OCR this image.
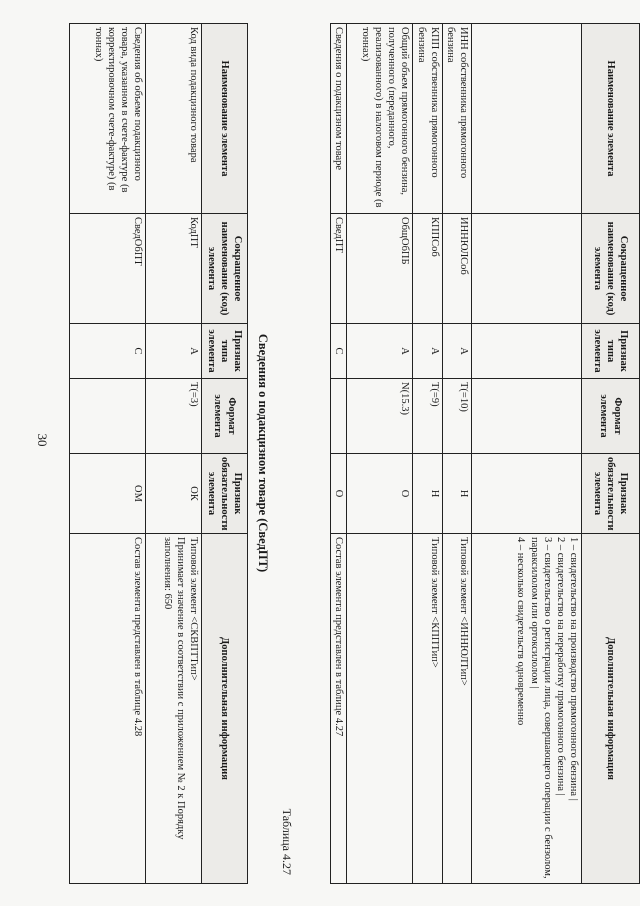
30
Наименование элемента	Сокращенное наименование (код) элемента	Признак типа элемента	Формат элемента	Признак обязательности элемента	Дополнительная информация

					1 – свидетельство на производство прямогонного бензина |
2 – свидетельство на переработку прямогонного бензина |
3 – свидетельство о регистрации лица, совершающего операции с бензолом, параксилолом или ортоксилолом |
4 – несколько свидетельств одновременно

ИНН собственника прямогонного бензина	ИННЮЛСоб	А	T(=10)	Н	Типовой элемент <ИННЮЛТип>

КПП собственника прямогонного бензина	КППСоб	А	T(=9)	Н	Типовой элемент <КППТип>

Общий объем прямогонного бензина, полученного (переданного, реализованного) в налоговом периоде (в тоннах)	ОбщОбПБ	А	N(15.3)	О	

Сведения о подакцизном товаре	СведПТ	С		О	Состав элемента представлен в таблице 4.27
Таблица 4.27
Сведения о подакцизном товаре (СведПТ)
Наименование элемента	Сокращенное наименование (код) элемента	Признак типа элемента	Формат элемента	Признак обязательности элемента	Дополнительная информация
Код вида подакцизного товара	КодПТ	А	T(=3)	ОК	Типовой элемент <СКВПТТип>
Принимает значение в соответствии с приложением № 2 к Порядку заполнения: 650

Сведения об объеме подакцизного товара, указанном в счете-фактуре (в корректировочном счете-фактуре) (в тоннах)	СведОбПТ	С		ОМ	Состав элемента представлен в таблице 4.28
